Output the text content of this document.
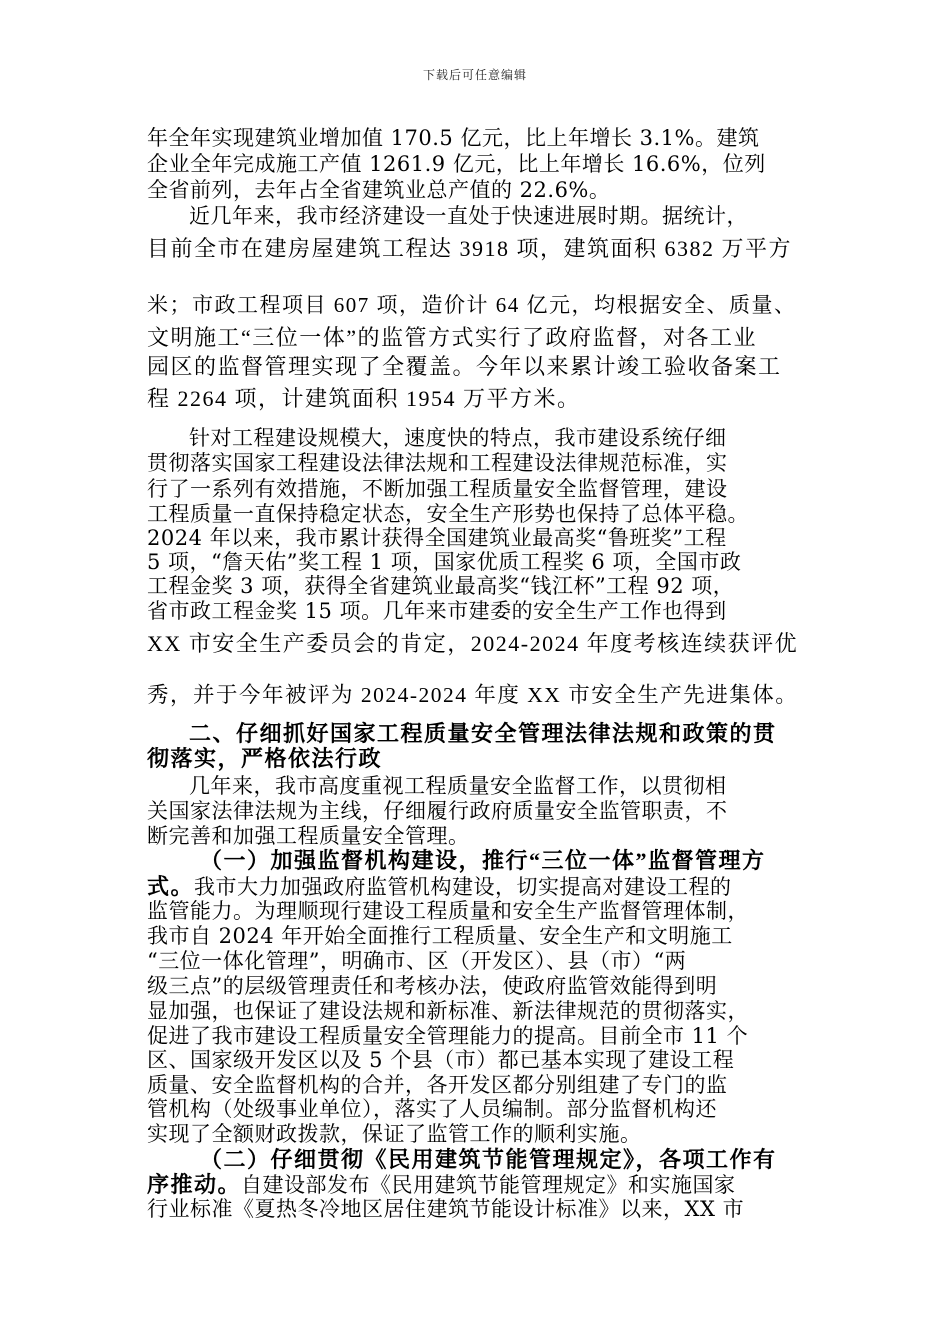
下载后可任意编辑
年全年实现建筑业增加值 170.5 亿元，比上年增长 3.1%。建筑
企业全年完成施工产值 1261.9 亿元，比上年增长 16.6%，位列
全省前列，去年占全省建筑业总产值的 22.6%。
近几年来，我市经济建设一直处于快速进展时期。据统计，
目前全市在建房屋建筑工程达 3918 项，建筑面积 6382 万平方
米；市政工程项目 607 项，造价计 64 亿元，均根据安全、质量、
文明施工“三位一体”的监管方式实行了政府监督，对各工业
园区的监督管理实现了全覆盖。今年以来累计竣工验收备案工
程 2264 项，计建筑面积 1954 万平方米。
针对工程建设规模大，速度快的特点，我市建设系统仔细
贯彻落实国家工程建设法律法规和工程建设法律规范标准，实
行了一系列有效措施，不断加强工程质量安全监督管理，建设
工程质量一直保持稳定状态，安全生产形势也保持了总体平稳。
2024 年以来，我市累计获得全国建筑业最高奖“鲁班奖”工程
5 项，“詹天佑”奖工程 1 项，国家优质工程奖 6 项，全国市政
工程金奖 3 项，获得全省建筑业最高奖“钱江杯”工程 92 项，
省市政工程金奖 15 项。几年来市建委的安全生产工作也得到
XX 市安全生产委员会的肯定，2024-2024 年度考核连续获评优
秀，并于今年被评为 2024-2024 年度 XX 市安全生产先进集体。
二、仔细抓好国家工程质量安全管理法律法规和政策的贯
彻落实，严格依法行政
几年来，我市高度重视工程质量安全监督工作，以贯彻相
关国家法律法规为主线，仔细履行政府质量安全监管职责，不
断完善和加强工程质量安全管理。
（一）加强监督机构建设，推行“三位一体”监督管理方
式。我市大力加强政府监管机构建设，切实提高对建设工程的
监管能力。为理顺现行建设工程质量和安全生产监督管理体制，
我市自 2024 年开始全面推行工程质量、安全生产和文明施工
“三位一体化管理”，明确市、区（开发区）、县（市）“两
级三点”的层级管理责任和考核办法，使政府监管效能得到明
显加强，也保证了建设法规和新标准、新法律规范的贯彻落实，
促进了我市建设工程质量安全管理能力的提高。目前全市 11 个
区、国家级开发区以及 5 个县（市）都已基本实现了建设工程
质量、安全监督机构的合并，各开发区都分别组建了专门的监
管机构（处级事业单位），落实了人员编制。部分监督机构还
实现了全额财政拨款，保证了监管工作的顺利实施。
（二）仔细贯彻《民用建筑节能管理规定》，各项工作有
序推动。自建设部发布《民用建筑节能管理规定》和实施国家
行业标准《夏热冬冷地区居住建筑节能设计标准》以来，XX 市
